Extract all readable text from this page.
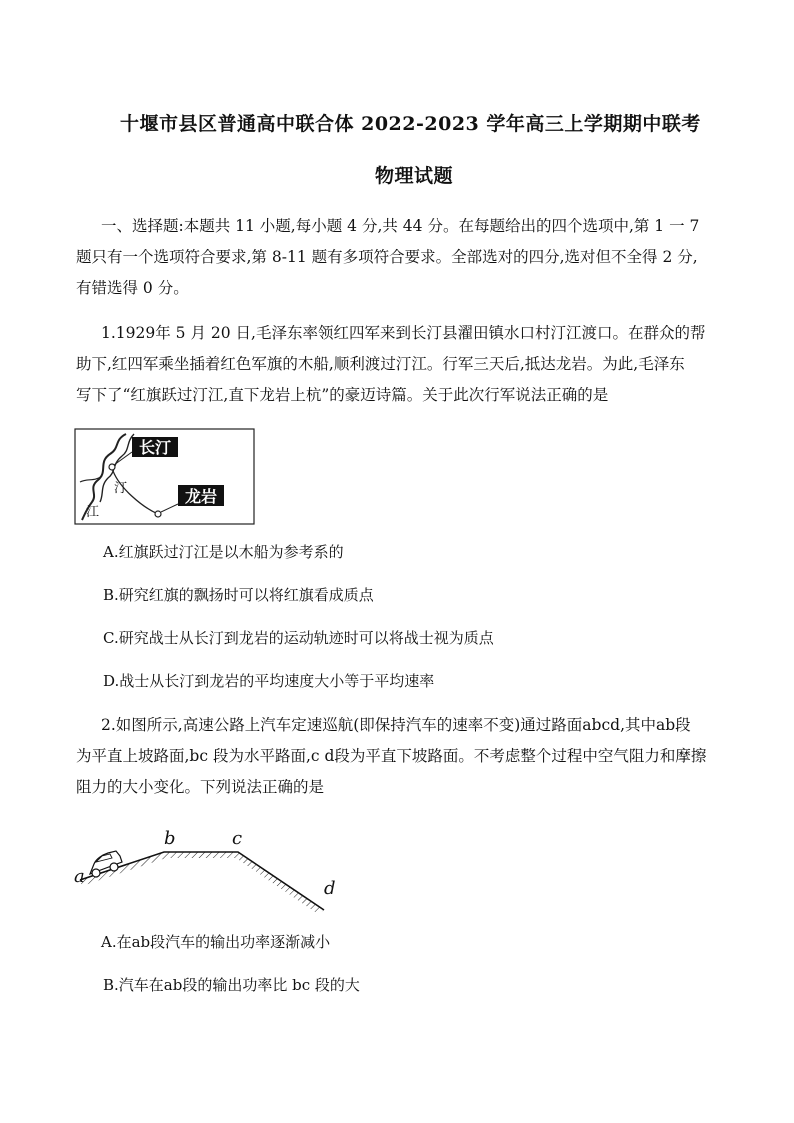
十堰市县区普通高中联合体 2022-2023 学年高三上学期期中联考
物理试题
一、选择题:本题共 11 小题,每小题 4 分,共 44 分。在每题给出的四个选项中,第 1 一 7
题只有一个选项符合要求,第 8-11 题有多项符合要求。全部选对的四分,选对但不全得 2 分,
有错选得 0 分。
1.1929年 5 月 20 日,毛泽东率领红四军来到长汀县濯田镇水口村汀江渡口。在群众的帮
助下,红四军乘坐插着红色军旗的木船,顺利渡过汀江。行军三天后,抵达龙岩。为此,毛泽东
写下了“红旗跃过汀江,直下龙岩上杭”的豪迈诗篇。关于此次行军说法正确的是
长汀
龙岩
汀
江
A.红旗跃过汀江是以木船为参考系的
B.研究红旗的飘扬时可以将红旗看成质点
C.研究战士从长汀到龙岩的运动轨迹时可以将战士视为质点
D.战士从长汀到龙岩的平均速度大小等于平均速率
2.如图所示,高速公路上汽车定速巡航(即保持汽车的速率不变)通过路面abcd,其中ab段
为平直上坡路面,bc 段为水平路面,c d段为平直下坡路面。不考虑整个过程中空气阻力和摩擦
阻力的大小变化。下列说法正确的是
a
b	c
d
A.在ab段汽车的输出功率逐渐减小
B.汽车在ab段的输出功率比 bc 段的大
